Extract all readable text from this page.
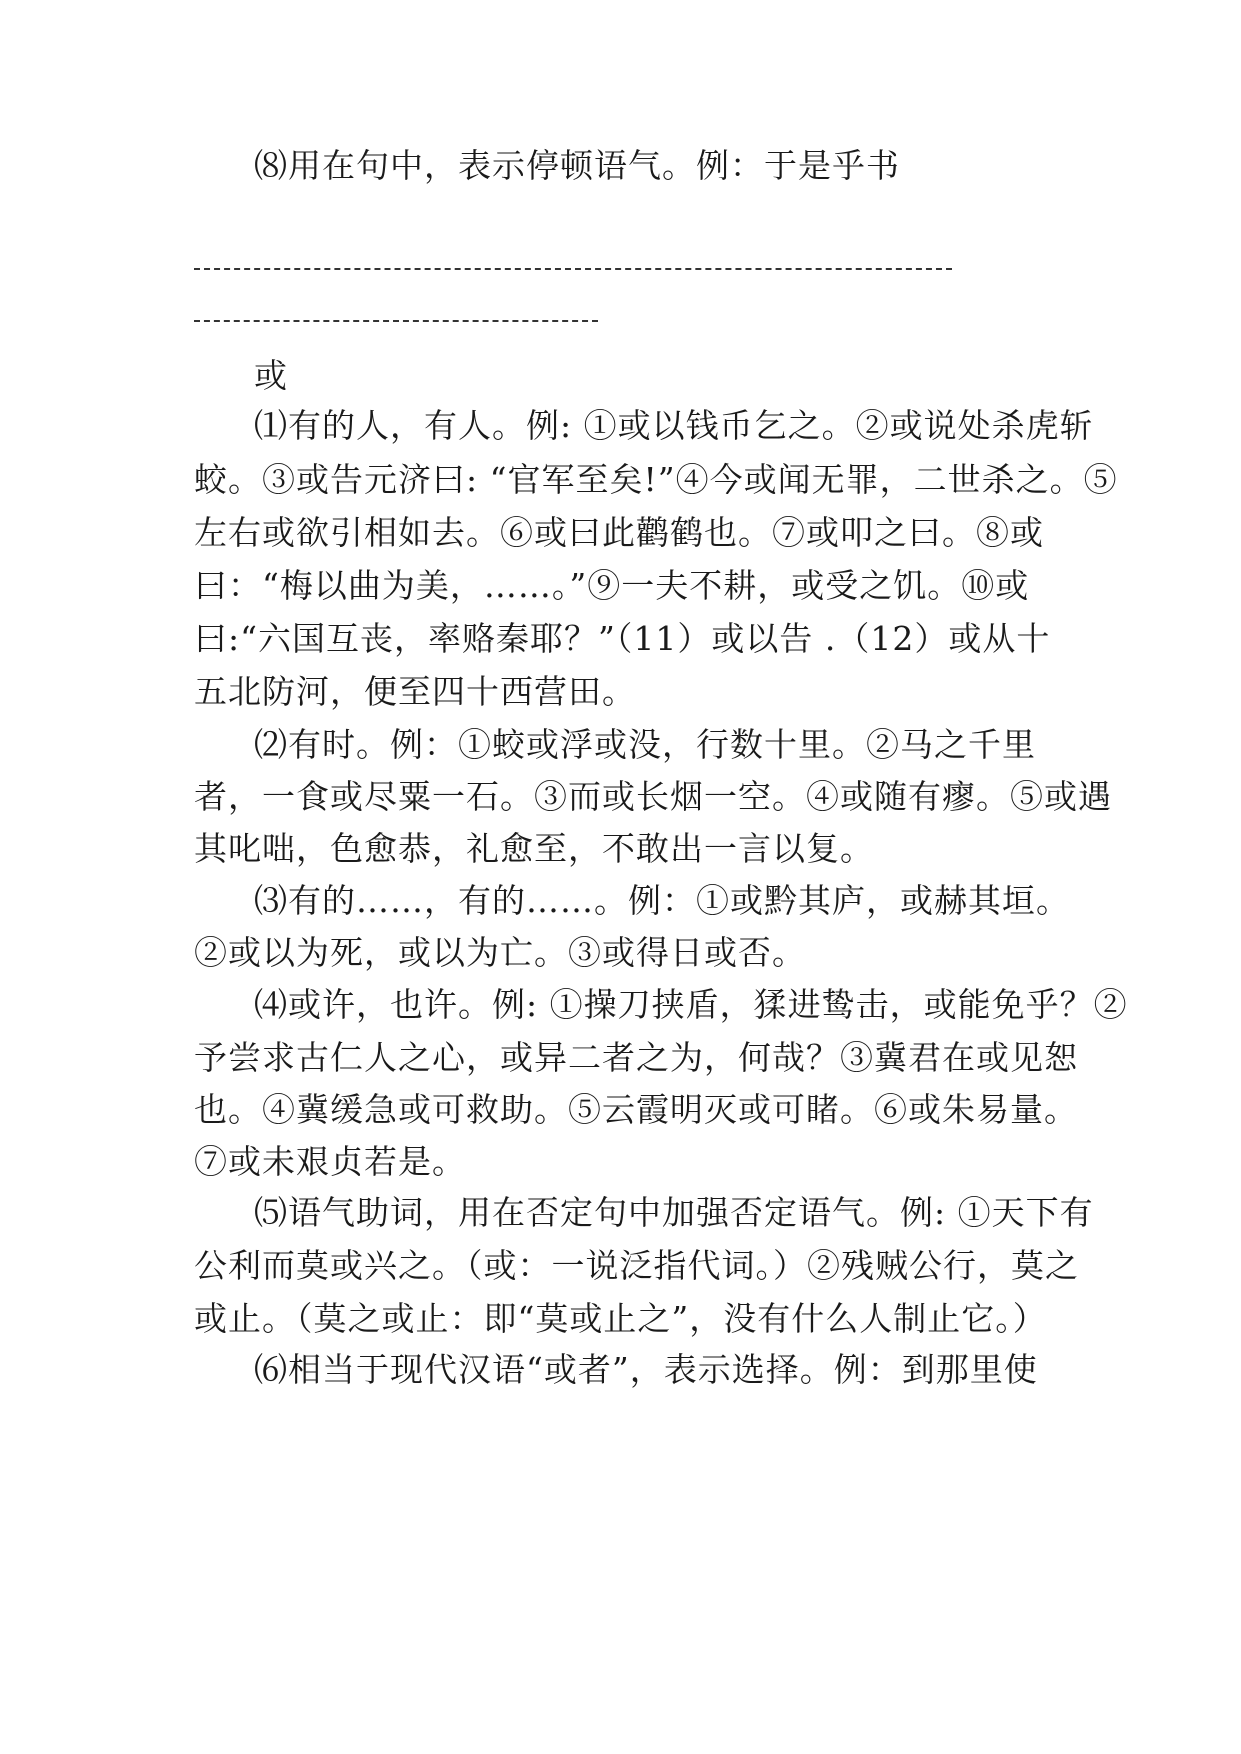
⑻用在句中，表示停顿语气。例：于是乎书
或
⑴有的人，有人。例: ①或以钱币乞之。②或说处杀虎斩
蛟。③或告元济曰: “官军至矣!”④今或闻无罪，二世杀之。⑤
左右或欲引相如去。⑥或曰此鹳鹤也。⑦或叩之曰。⑧或
曰：“梅以曲为美，……。”⑨一夫不耕，或受之饥。⑩或
曰:“六国互丧，率赂秦耶？”（11）或以告 .（12）或从十
五北防河，便至四十西营田。
⑵有时。例：①蛟或浮或没，行数十里。②马之千里
者，一食或尽粟一石。③而或长烟一空。④或随有瘳。⑤或遇
其叱咄，色愈恭，礼愈至，不敢出一言以复。
⑶有的……，有的……。例：①或黔其庐，或赫其垣。
②或以为死，或以为亡。③或得日或否。
⑷或许，也许。例: ①操刀挟盾，猱进鸷击，或能免乎？②
予尝求古仁人之心，或异二者之为，何哉？③冀君在或见恕
也。④冀缓急或可救助。⑤云霞明灭或可睹。⑥或朱易量。
⑦或未艰贞若是。
⑸语气助词，用在否定句中加强否定语气。例: ①天下有
公利而莫或兴之。（或：一说泛指代词。）②残贼公行，莫之
或止。（莫之或止：即“莫或止之”，没有什么人制止它。）
⑹相当于现代汉语“或者”，表示选择。例：到那里使
